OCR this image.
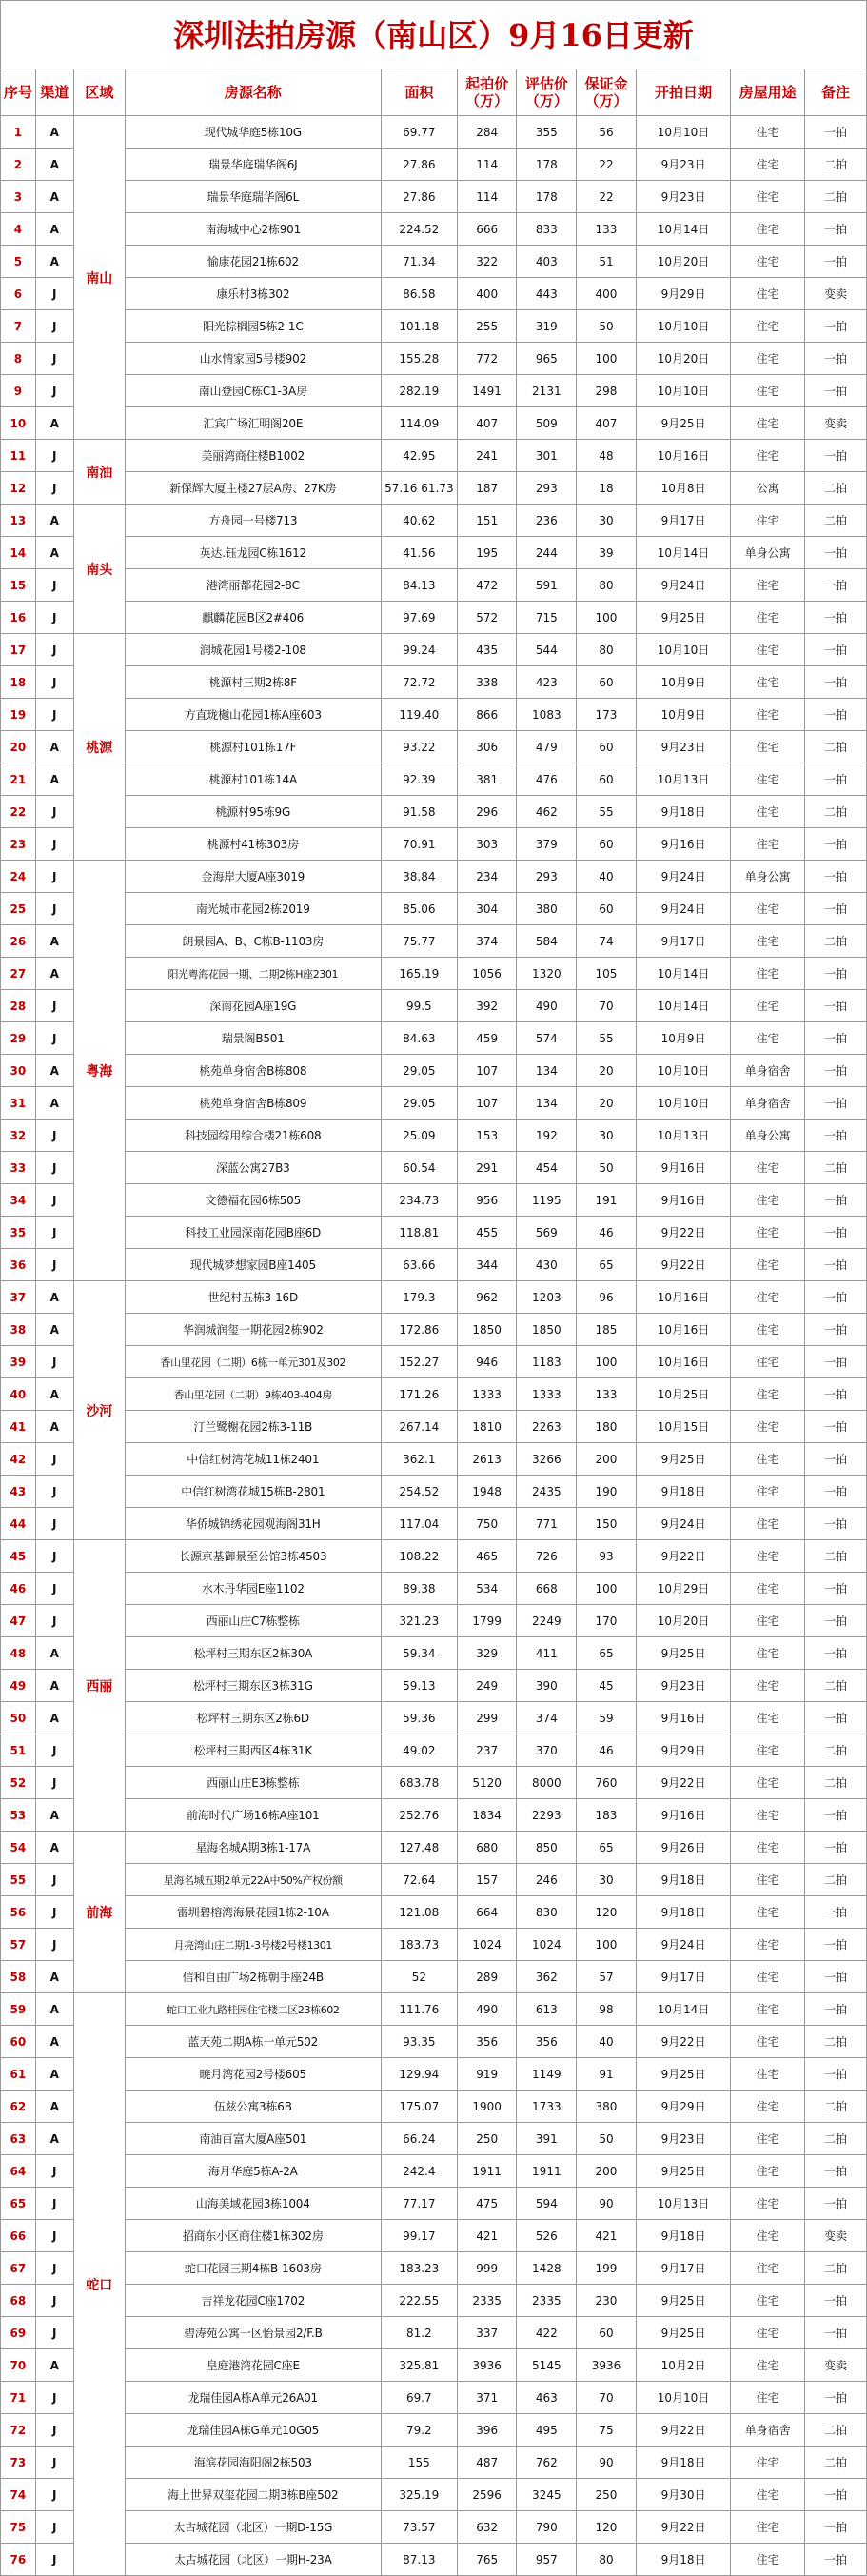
深圳法拍房源（南山区）9月16日更新
序号	渠道	区域	房源名称	面积	起拍价（万）	评估价（万）	保证金（万）	开拍日期	房屋用途	备注
1	A	南山	现代城华庭5栋10G	69.77	284	355	56	10月10日	住宅	一拍
2	A		瑞景华庭瑞华阁6J	27.86	114	178	22	9月23日	住宅	二拍
3	A		瑞景华庭瑞华阁6L	27.86	114	178	22	9月23日	住宅	二拍
4	A		南海城中心2栋901	224.52	666	833	133	10月14日	住宅	一拍
5	A		愉康花园21栋602	71.34	322	403	51	10月20日	住宅	一拍
6	J		康乐村3栋302	86.58	400	443	400	9月29日	住宅	变卖
7	J		阳光棕榈园5栋2-1C	101.18	255	319	50	10月10日	住宅	一拍
8	J		山水情家园5号楼902	155.28	772	965	100	10月20日	住宅	一拍
9	J		南山登园C栋C1-3A房	282.19	1491	2131	298	10月10日	住宅	一拍
10	A		汇宾广场汇明阁20E	114.09	407	509	407	9月25日	住宅	变卖
11	J	南油	美丽湾商住楼B1002	42.95	241	301	48	10月16日	住宅	一拍
12	J		新保辉大厦主楼27层A房、27K房	57.16 61.73	187	293	18	10月8日	公寓	二拍
13	A	南头	方舟园一号楼713	40.62	151	236	30	9月17日	住宅	二拍
14	A		英达.钰龙园C栋1612	41.56	195	244	39	10月14日	单身公寓	一拍
15	J		港湾丽都花园2-8C	84.13	472	591	80	9月24日	住宅	一拍
16	J		麒麟花园B区2#406	97.69	572	715	100	9月25日	住宅	一拍
17	J	桃源	润城花园1号楼2-108	99.24	435	544	80	10月10日	住宅	一拍
18	J		桃源村三期2栋8F	72.72	338	423	60	10月9日	住宅	一拍
19	J		方直珑樾山花园1栋A座603	119.40	866	1083	173	10月9日	住宅	一拍
20	A		桃源村101栋17F	93.22	306	479	60	9月23日	住宅	二拍
21	A		桃源村101栋14A	92.39	381	476	60	10月13日	住宅	一拍
22	J		桃源村95栋9G	91.58	296	462	55	9月18日	住宅	二拍
23	J		桃源村41栋303房	70.91	303	379	60	9月16日	住宅	一拍
24	J	粤海	金海岸大厦A座3019	38.84	234	293	40	9月24日	单身公寓	一拍
25	J		南光城市花园2栋2019	85.06	304	380	60	9月24日	住宅	一拍
26	A		朗景园A、B、C栋B-1103房	75.77	374	584	74	9月17日	住宅	二拍
27	A		阳光粤海花园一期、二期2栋H座2301	165.19	1056	1320	105	10月14日	住宅	一拍
28	J		深南花园A座19G	99.5	392	490	70	10月14日	住宅	一拍
29	J		瑞景阁B501	84.63	459	574	55	10月9日	住宅	一拍
30	A		桃苑单身宿舍B栋808	29.05	107	134	20	10月10日	单身宿舍	一拍
31	A		桃苑单身宿舍B栋809	29.05	107	134	20	10月10日	单身宿舍	一拍
32	J		科技园综用综合楼21栋608	25.09	153	192	30	10月13日	单身公寓	一拍
33	J		深蓝公寓27B3	60.54	291	454	50	9月16日	住宅	二拍
34	J		文德福花园6栋505	234.73	956	1195	191	9月16日	住宅	一拍
35	J		科技工业园深南花园B座6D	118.81	455	569	46	9月22日	住宅	一拍
36	J		现代城梦想家园B座1405	63.66	344	430	65	9月22日	住宅	一拍
37	A	沙河	世纪村五栋3-16D	179.3	962	1203	96	10月16日	住宅	一拍
38	A		华润城润玺一期花园2栋902	172.86	1850	1850	185	10月16日	住宅	一拍
39	J		香山里花园（二期）6栋一单元301及302	152.27	946	1183	100	10月16日	住宅	一拍
40	A		香山里花园（二期）9栋403-404房	171.26	1333	1333	133	10月25日	住宅	一拍
41	A		汀兰鹭榭花园2栋3-11B	267.14	1810	2263	180	10月15日	住宅	一拍
42	J		中信红树湾花城11栋2401	362.1	2613	3266	200	9月25日	住宅	一拍
43	J		中信红树湾花城15栋B-2801	254.52	1948	2435	190	9月18日	住宅	一拍
44	J		华侨城锦绣花园观海阁31H	117.04	750	771	150	9月24日	住宅	一拍
45	J	西丽	长源京基御景至公馆3栋4503	108.22	465	726	93	9月22日	住宅	二拍
46	J		水木丹华园E座1102	89.38	534	668	100	10月29日	住宅	一拍
47	J		西丽山庄C7栋整栋	321.23	1799	2249	170	10月20日	住宅	一拍
48	A		松坪村三期东区2栋30A	59.34	329	411	65	9月25日	住宅	一拍
49	A		松坪村三期东区3栋31G	59.13	249	390	45	9月23日	住宅	二拍
50	A		松坪村三期东区2栋6D	59.36	299	374	59	9月16日	住宅	一拍
51	J		松坪村三期西区4栋31K	49.02	237	370	46	9月29日	住宅	二拍
52	J		西丽山庄E3栋整栋	683.78	5120	8000	760	9月22日	住宅	二拍
53	A		前海时代广场16栋A座101	252.76	1834	2293	183	9月16日	住宅	一拍
54	A	前海	星海名城A期3栋1-17A	127.48	680	850	65	9月26日	住宅	一拍
55	J		星海名城五期2单元22A中50%产权份额	72.64	157	246	30	9月18日	住宅	二拍
56	J		雷圳碧榕湾海景花园1栋2-10A	121.08	664	830	120	9月18日	住宅	一拍
57	J		月亮湾山庄二期1-3号楼2号楼1301	183.73	1024	1024	100	9月24日	住宅	一拍
58	A		信和自由广场2栋朝手座24B	52	289	362	57	9月17日	住宅	一拍
59	A	蛇口	蛇口工业九路桂园住宅楼二区23栋602	111.76	490	613	98	10月14日	住宅	一拍
60	A		蓝天苑二期A栋一单元502	93.35	356	356	40	9月22日	住宅	二拍
61	A		暁月湾花园2号楼605	129.94	919	1149	91	9月25日	住宅	一拍
62	A		伍兹公寓3栋6B	175.07	1900	1733	380	9月29日	住宅	二拍
63	A		南油百富大厦A座501	66.24	250	391	50	9月23日	住宅	二拍
64	J		海月华庭5栋A-2A	242.4	1911	1911	200	9月25日	住宅	一拍
65	J		山海美域花园3栋1004	77.17	475	594	90	10月13日	住宅	一拍
66	J		招商东小区商住楼1栋302房	99.17	421	526	421	9月18日	住宅	变卖
67	J		蛇口花园三期4栋B-1603房	183.23	999	1428	199	9月17日	住宅	二拍
68	J		吉祥龙花园C座1702	222.55	2335	2335	230	9月25日	住宅	一拍
69	J		碧涛苑公寓一区怡景园2/F.B	81.2	337	422	60	9月25日	住宅	一拍
70	A		皇庭港湾花园C座E	325.81	3936	5145	3936	10月2日	住宅	变卖
71	J		龙瑞佳园A栋A单元26A01	69.7	371	463	70	10月10日	住宅	一拍
72	J		龙瑞佳园A栋G单元10G05	79.2	396	495	75	9月22日	单身宿舍	二拍
73	J		海滨花园海阳阁2栋503	155	487	762	90	9月18日	住宅	二拍
74	J		海上世界双玺花园二期3栋B座502	325.19	2596	3245	250	9月30日	住宅	一拍
75	J		太古城花园（北区）一期D-15G	73.57	632	790	120	9月22日	住宅	一拍
76	J		太古城花园（北区）一期H-23A	87.13	765	957	80	9月18日	住宅	一拍
